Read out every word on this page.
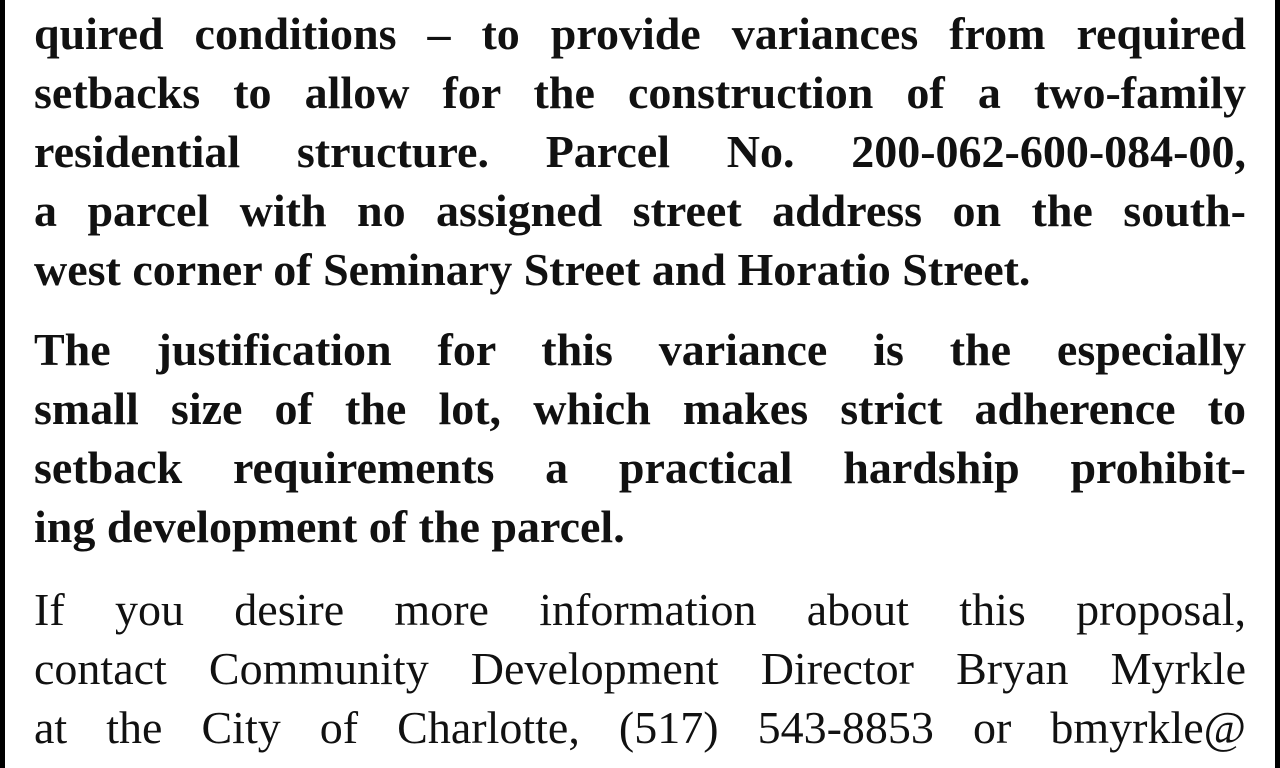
quired conditions – to provide variances from required
setbacks to allow for the construction of a two-family
residential structure. Parcel No. 200-062-600-084-00,
a parcel with no assigned street address on the south-
west corner of Seminary Street and Horatio Street.
The justification for this variance is the especially
small size of the lot, which makes strict adherence to
setback requirements a practical hardship prohibit-
ing development of the parcel.
If you desire more information about this proposal,
contact Community Development Director Bryan Myrkle
at the City of Charlotte, (517) 543-8853 or bmyrkle@
